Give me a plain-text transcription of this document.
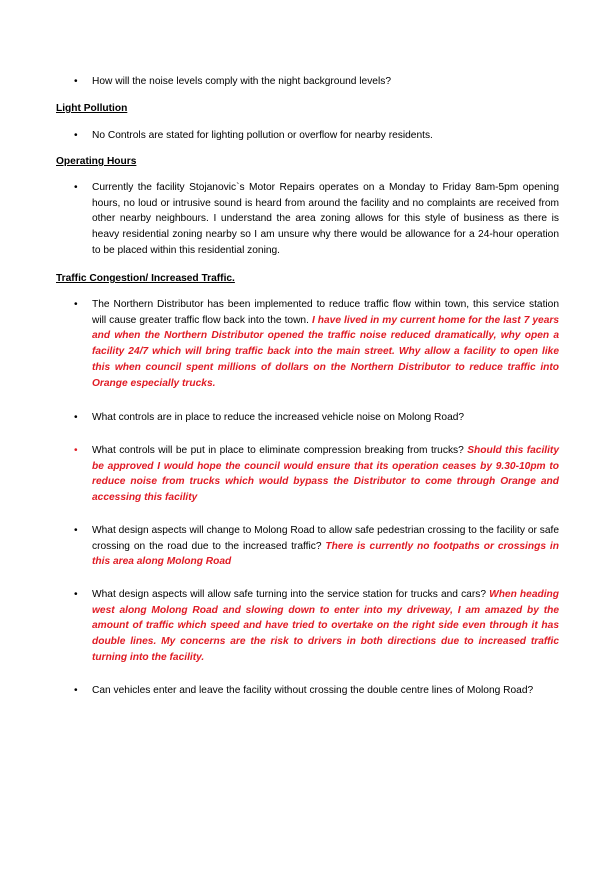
• How will the noise levels comply with the night background levels?
Light Pollution
• No Controls are stated for lighting pollution or overflow for nearby residents.
Operating Hours
• Currently the facility Stojanovic`s Motor Repairs operates on a Monday to Friday 8am-5pm opening hours, no loud or intrusive sound is heard from around the facility and no complaints are received from other nearby neighbours. I understand the area zoning allows for this style of business as there is heavy residential zoning nearby so I am unsure why there would be allowance for a 24-hour operation to be placed within this residential zoning.
Traffic Congestion/ Increased Traffic.
• The Northern Distributor has been implemented to reduce traffic flow within town, this service station will cause greater traffic flow back into the town. I have lived in my current home for the last 7 years and when the Northern Distributor opened the traffic noise reduced dramatically, why open a facility 24/7 which will bring traffic back into the main street. Why allow a facility to open like this when council spent millions of dollars on the Northern Distributor to reduce traffic into Orange especially trucks.
• What controls are in place to reduce the increased vehicle noise on Molong Road?
• What controls will be put in place to eliminate compression breaking from trucks? Should this facility be approved I would hope the council would ensure that its operation ceases by 9.30-10pm to reduce noise from trucks which would bypass the Distributor to come through Orange and accessing this facility
• What design aspects will change to Molong Road to allow safe pedestrian crossing to the facility or safe crossing on the road due to the increased traffic? There is currently no footpaths or crossings in this area along Molong Road
• What design aspects will allow safe turning into the service station for trucks and cars? When heading west along Molong Road and slowing down to enter into my driveway, I am amazed by the amount of traffic which speed and have tried to overtake on the right side even through it has double lines. My concerns are the risk to drivers in both directions due to increased traffic turning into the facility.
• Can vehicles enter and leave the facility without crossing the double centre lines of Molong Road?
